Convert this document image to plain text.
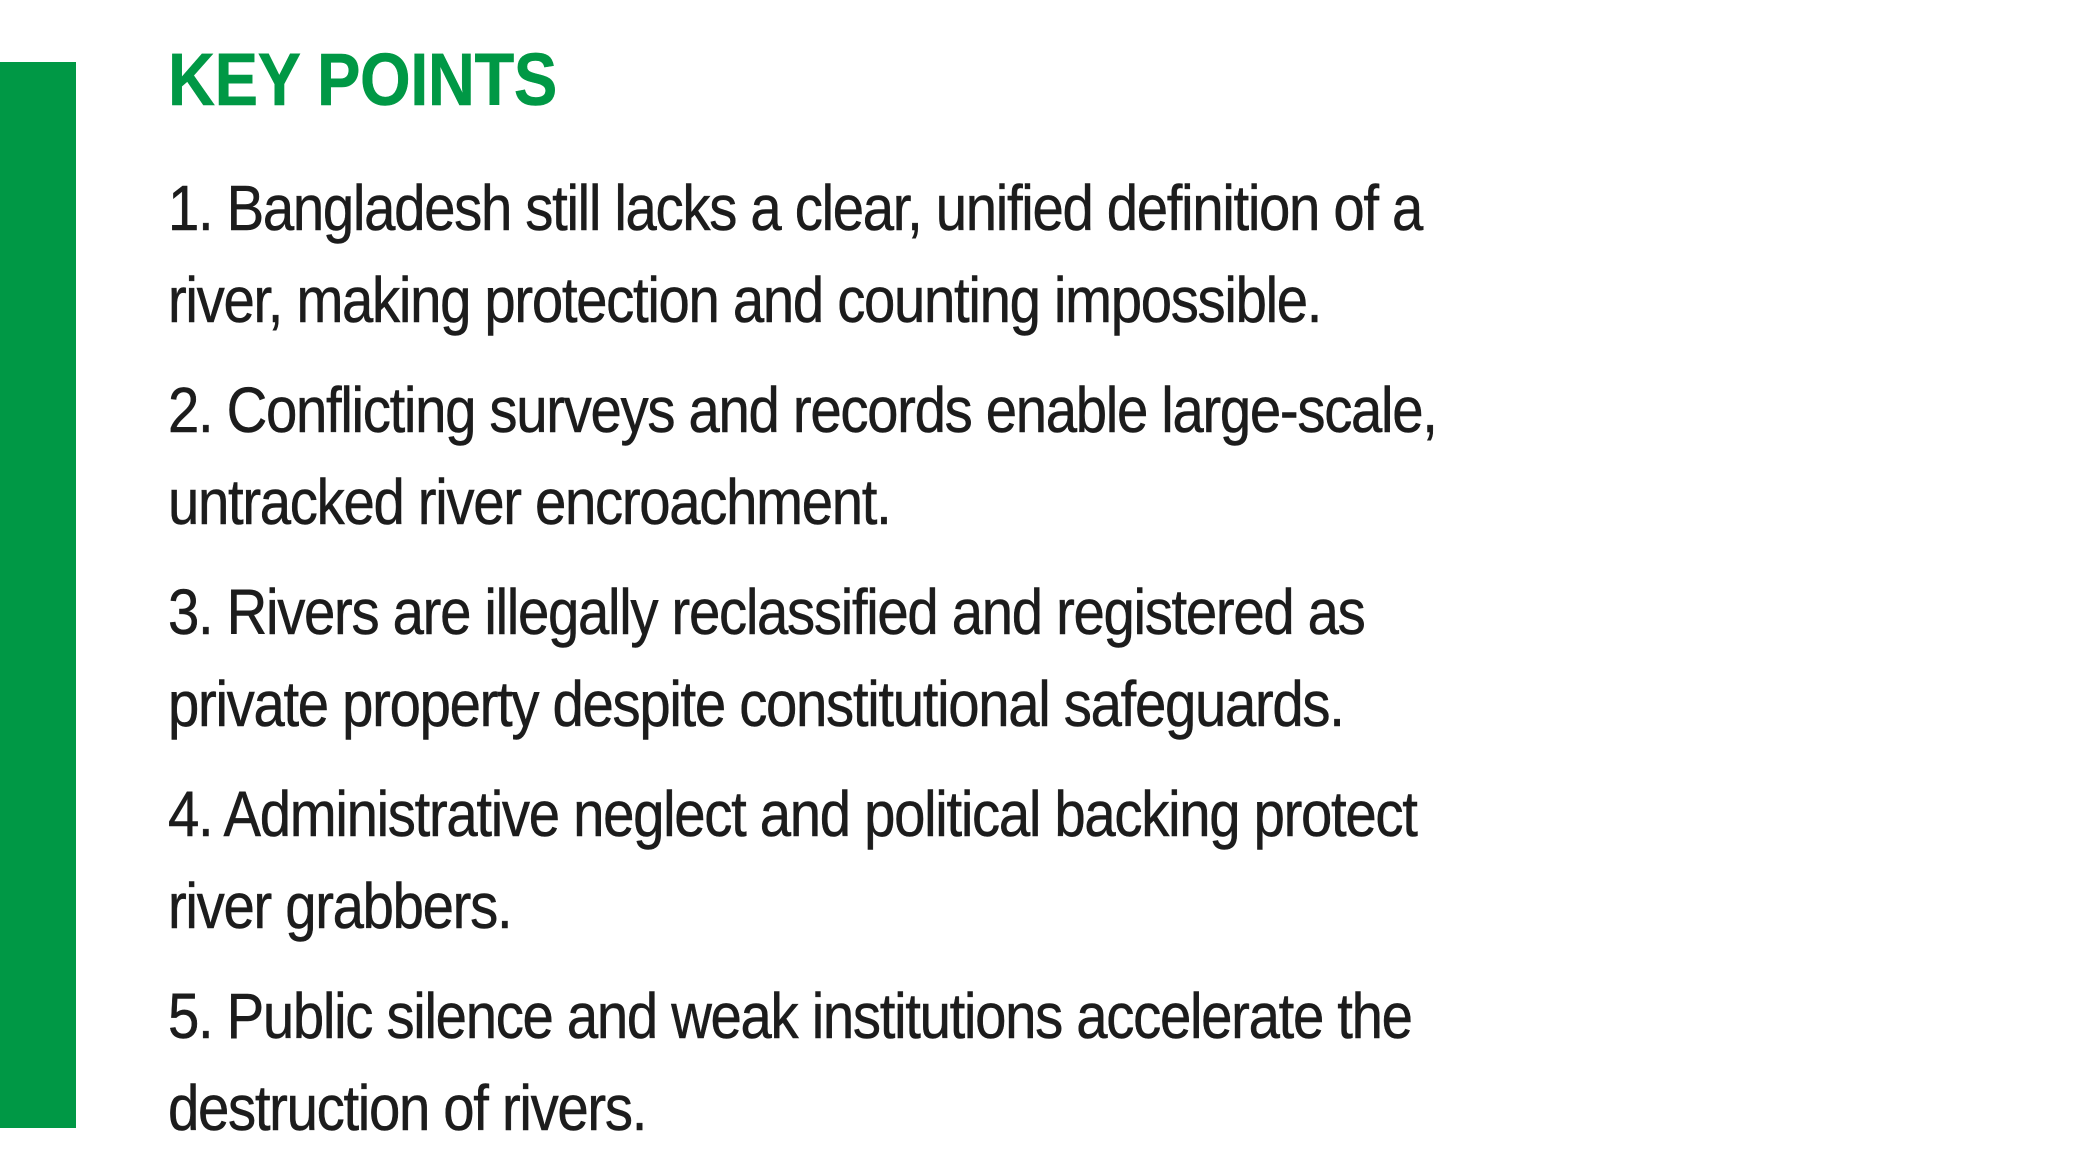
KEY POINTS
1. Bangladesh still lacks a clear, unified definition of a
river, making protection and counting impossible.
2. Conflicting surveys and records enable large-scale,
untracked river encroachment.
3. Rivers are illegally reclassified and registered as
private property despite constitutional safeguards.
4. Administrative neglect and political backing protect
river grabbers.
5. Public silence and weak institutions accelerate the
destruction of rivers.
